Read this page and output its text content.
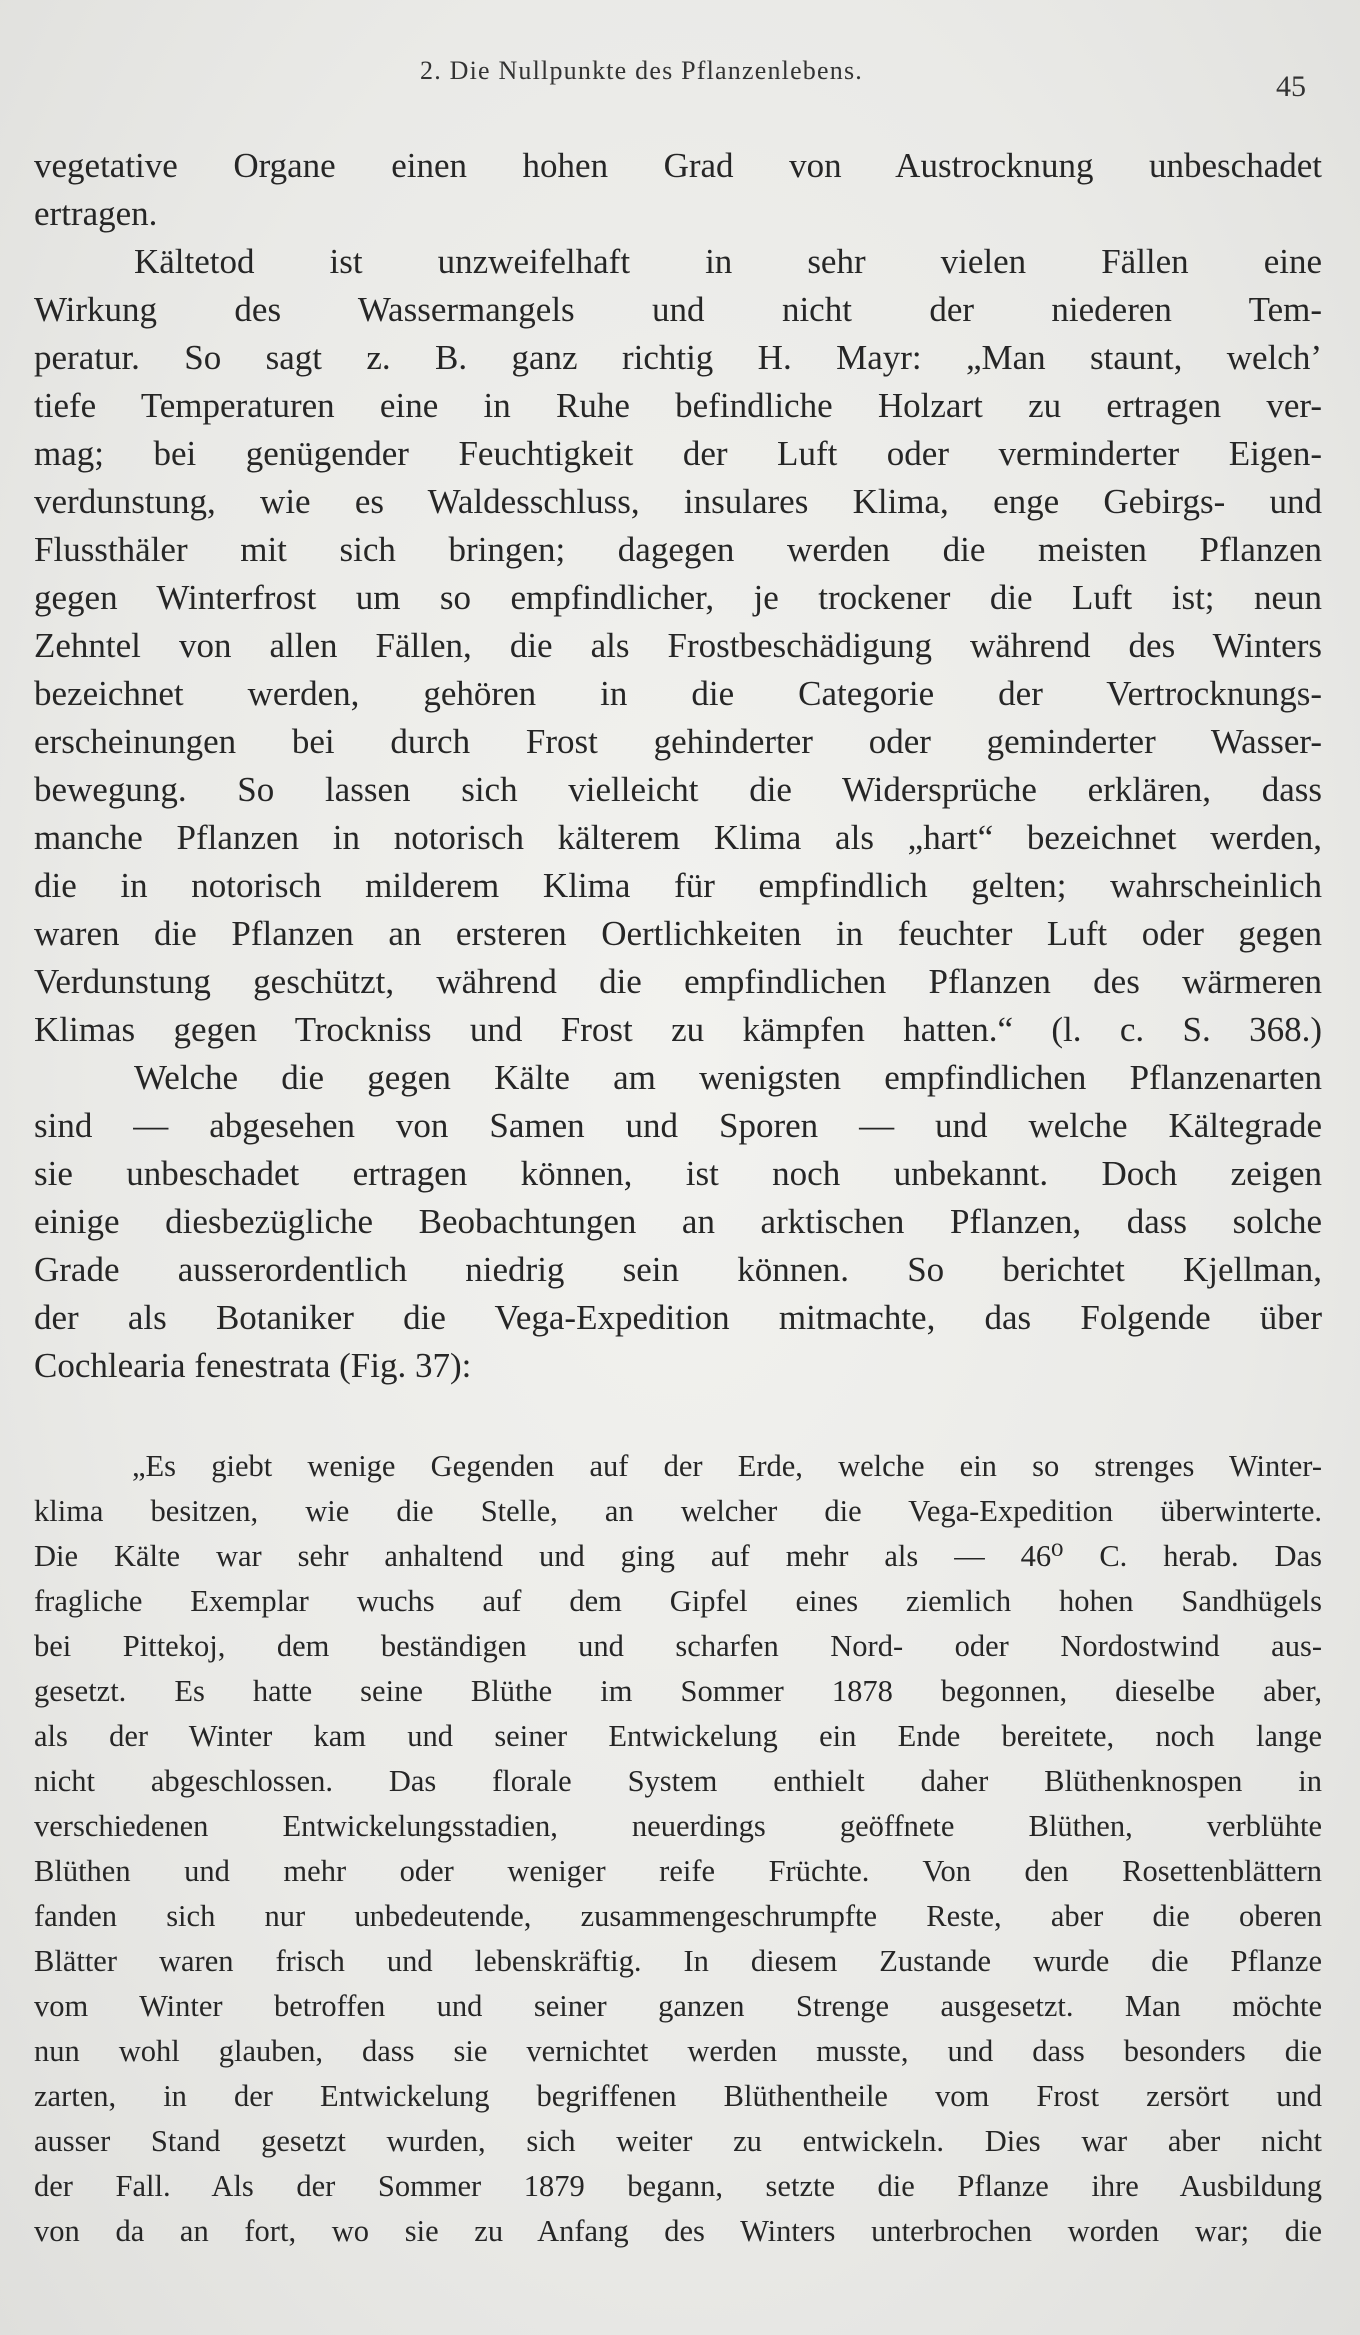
2. Die Nullpunkte des Pflanzenlebens.	45
vegetative Organe einen hohen Grad von Austrocknung unbeschadet
ertragen.
Kältetod ist unzweifelhaft in sehr vielen Fällen eine
Wirkung des Wassermangels und nicht der niederen Tem-
peratur. So sagt z. B. ganz richtig H. Mayr: „Man staunt, welch’
tiefe Temperaturen eine in Ruhe befindliche Holzart zu ertragen ver-
mag; bei genügender Feuchtigkeit der Luft oder verminderter Eigen-
verdunstung, wie es Waldesschluss, insulares Klima, enge Gebirgs- und
Flussthäler mit sich bringen; dagegen werden die meisten Pflanzen
gegen Winterfrost um so empfindlicher, je trockener die Luft ist; neun
Zehntel von allen Fällen, die als Frostbeschädigung während des Winters
bezeichnet werden, gehören in die Categorie der Vertrocknungs-
erscheinungen bei durch Frost gehinderter oder geminderter Wasser-
bewegung. So lassen sich vielleicht die Widersprüche erklären, dass
manche Pflanzen in notorisch kälterem Klima als „hart“ bezeichnet werden,
die in notorisch milderem Klima für empfindlich gelten; wahrscheinlich
waren die Pflanzen an ersteren Oertlichkeiten in feuchter Luft oder gegen
Verdunstung geschützt, während die empfindlichen Pflanzen des wärmeren
Klimas gegen Trockniss und Frost zu kämpfen hatten.“ (l. c. S. 368.)
Welche die gegen Kälte am wenigsten empfindlichen Pflanzenarten
sind — abgesehen von Samen und Sporen — und welche Kältegrade
sie unbeschadet ertragen können, ist noch unbekannt. Doch zeigen
einige diesbezügliche Beobachtungen an arktischen Pflanzen, dass solche
Grade ausserordentlich niedrig sein können. So berichtet Kjellman,
der als Botaniker die Vega-Expedition mitmachte, das Folgende über
Cochlearia fenestrata (Fig. 37):
„Es giebt wenige Gegenden auf der Erde, welche ein so strenges Winter-
klima besitzen, wie die Stelle, an welcher die Vega-Expedition überwinterte.
Die Kälte war sehr anhaltend und ging auf mehr als — 46⁰ C. herab. Das
fragliche Exemplar wuchs auf dem Gipfel eines ziemlich hohen Sandhügels
bei Pittekoj, dem beständigen und scharfen Nord- oder Nordostwind aus-
gesetzt. Es hatte seine Blüthe im Sommer 1878 begonnen, dieselbe aber,
als der Winter kam und seiner Entwickelung ein Ende bereitete, noch lange
nicht abgeschlossen. Das florale System enthielt daher Blüthenknospen in
verschiedenen Entwickelungsstadien, neuerdings geöffnete Blüthen, verblühte
Blüthen und mehr oder weniger reife Früchte. Von den Rosettenblättern
fanden sich nur unbedeutende, zusammengeschrumpfte Reste, aber die oberen
Blätter waren frisch und lebenskräftig. In diesem Zustande wurde die Pflanze
vom Winter betroffen und seiner ganzen Strenge ausgesetzt. Man möchte
nun wohl glauben, dass sie vernichtet werden musste, und dass besonders die
zarten, in der Entwickelung begriffenen Blüthentheile vom Frost zersört und
ausser Stand gesetzt wurden, sich weiter zu entwickeln. Dies war aber nicht
der Fall. Als der Sommer 1879 begann, setzte die Pflanze ihre Ausbildung
von da an fort, wo sie zu Anfang des Winters unterbrochen worden war; die
